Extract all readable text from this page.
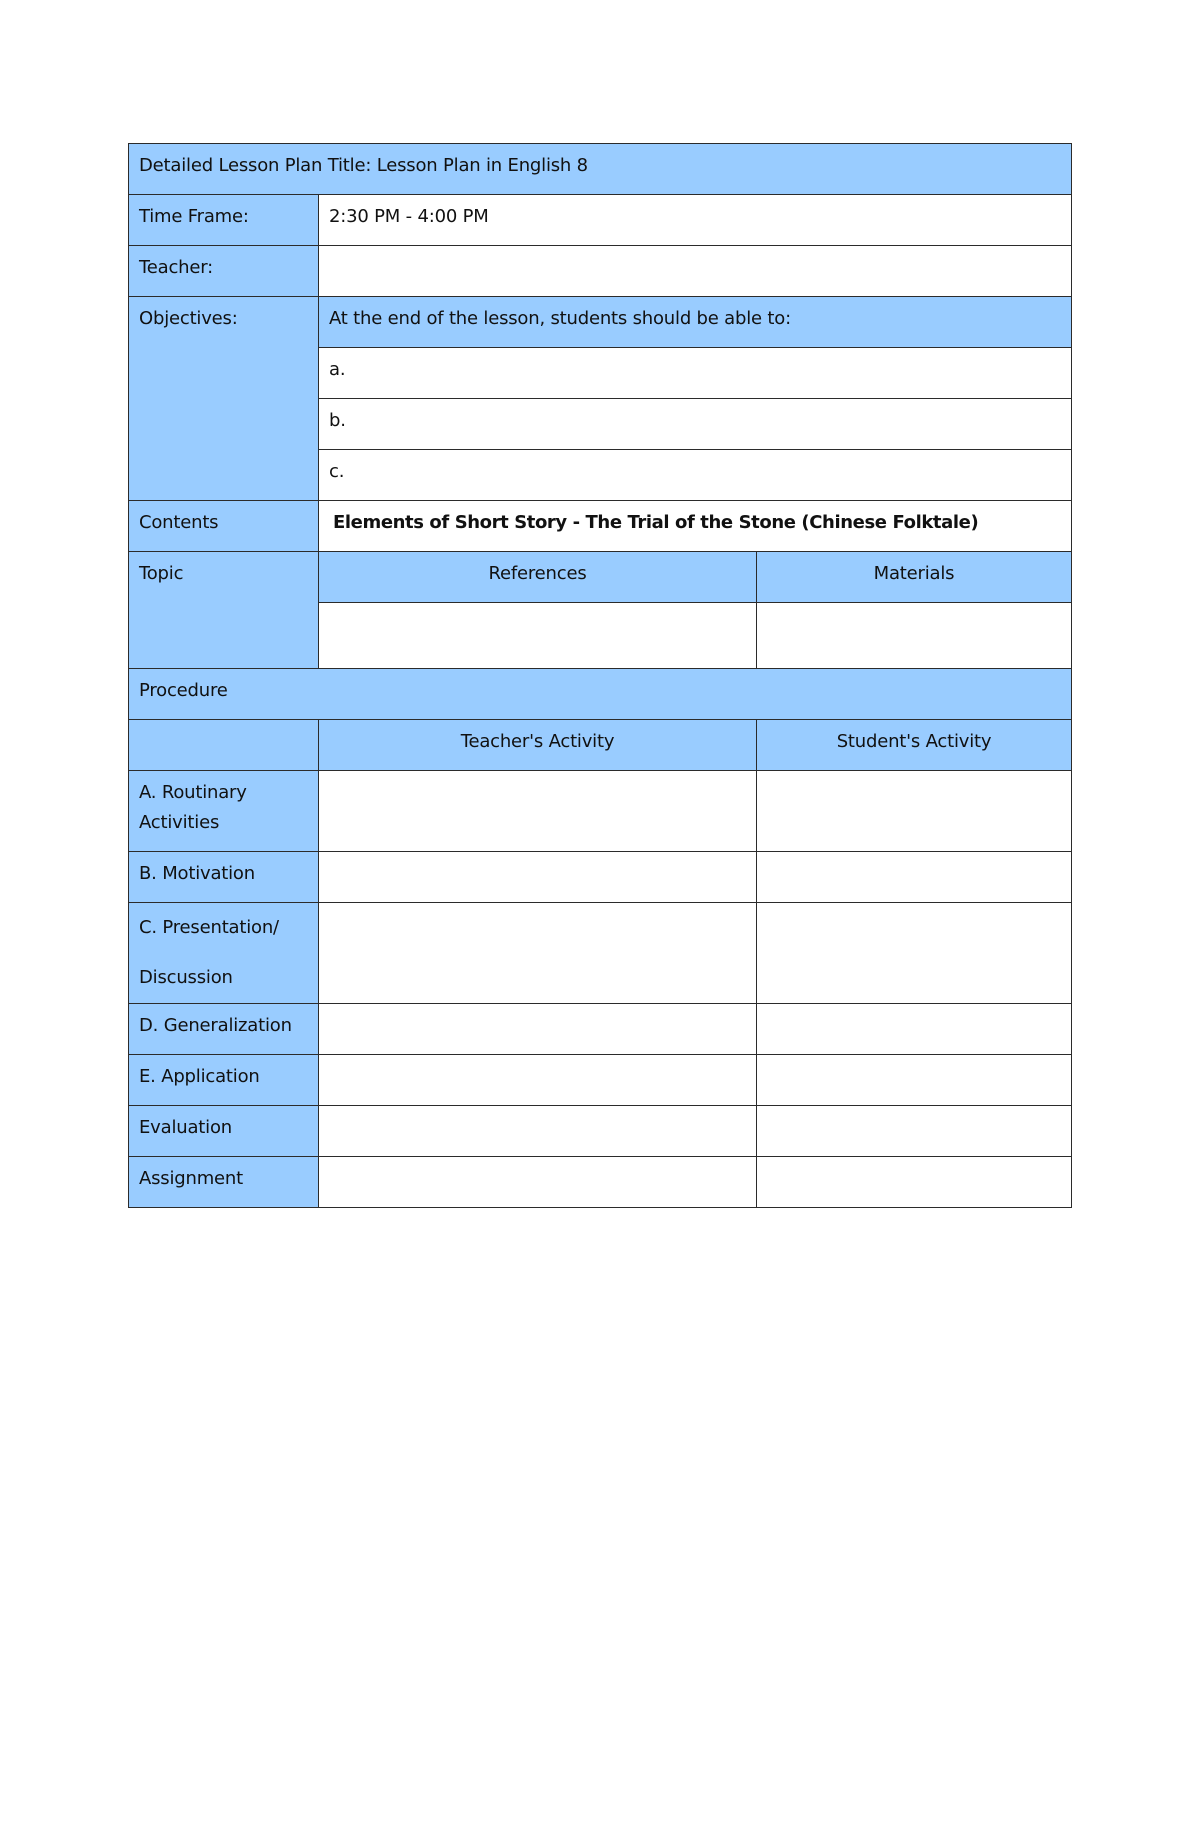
Detailed Lesson Plan Title: Lesson Plan in English 8		

Time Frame:	2:30 PM - 4:00 PM	

Teacher:		

Objectives:	At the end of the lesson, students should be able to:	

	a.	

	b.	

	c.	

Contents	Elements of Short Story - The Trial of the Stone (Chinese Folktale)	

Topic	References	Materials

Procedure		

	Teacher's Activity	Student's Activity

A. Routinary Activities		

B. Motivation		

C. Presentation/
Discussion		

D. Generalization		

E. Application		

Evaluation		

Assignment		
